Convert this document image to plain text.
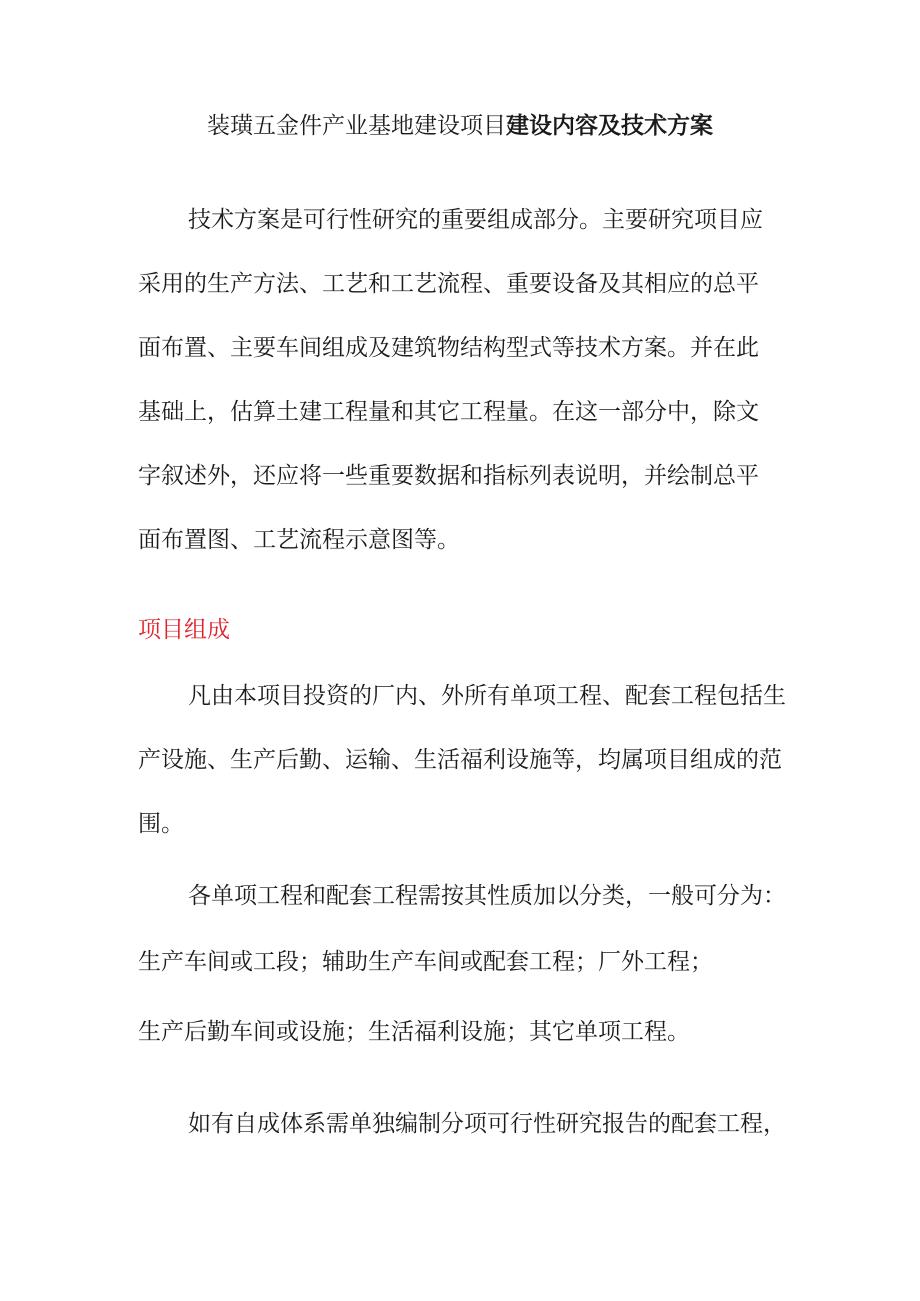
装璜五金件产业基地建设项目建设内容及技术方案
技术方案是可行性研究的重要组成部分。主要研究项目应
采用的生产方法、工艺和工艺流程、重要设备及其相应的总平
面布置、主要车间组成及建筑物结构型式等技术方案。并在此
基础上，估算土建工程量和其它工程量。在这一部分中，除文
字叙述外，还应将一些重要数据和指标列表说明，并绘制总平
面布置图、工艺流程示意图等。
项目组成
凡由本项目投资的厂内、外所有单项工程、配套工程包括生
产设施、生产后勤、运输、生活福利设施等，均属项目组成的范
围。
各单项工程和配套工程需按其性质加以分类，一般可分为：
生产车间或工段；辅助生产车间或配套工程；厂外工程；
生产后勤车间或设施；生活福利设施；其它单项工程。
如有自成体系需单独编制分项可行性研究报告的配套工程，
